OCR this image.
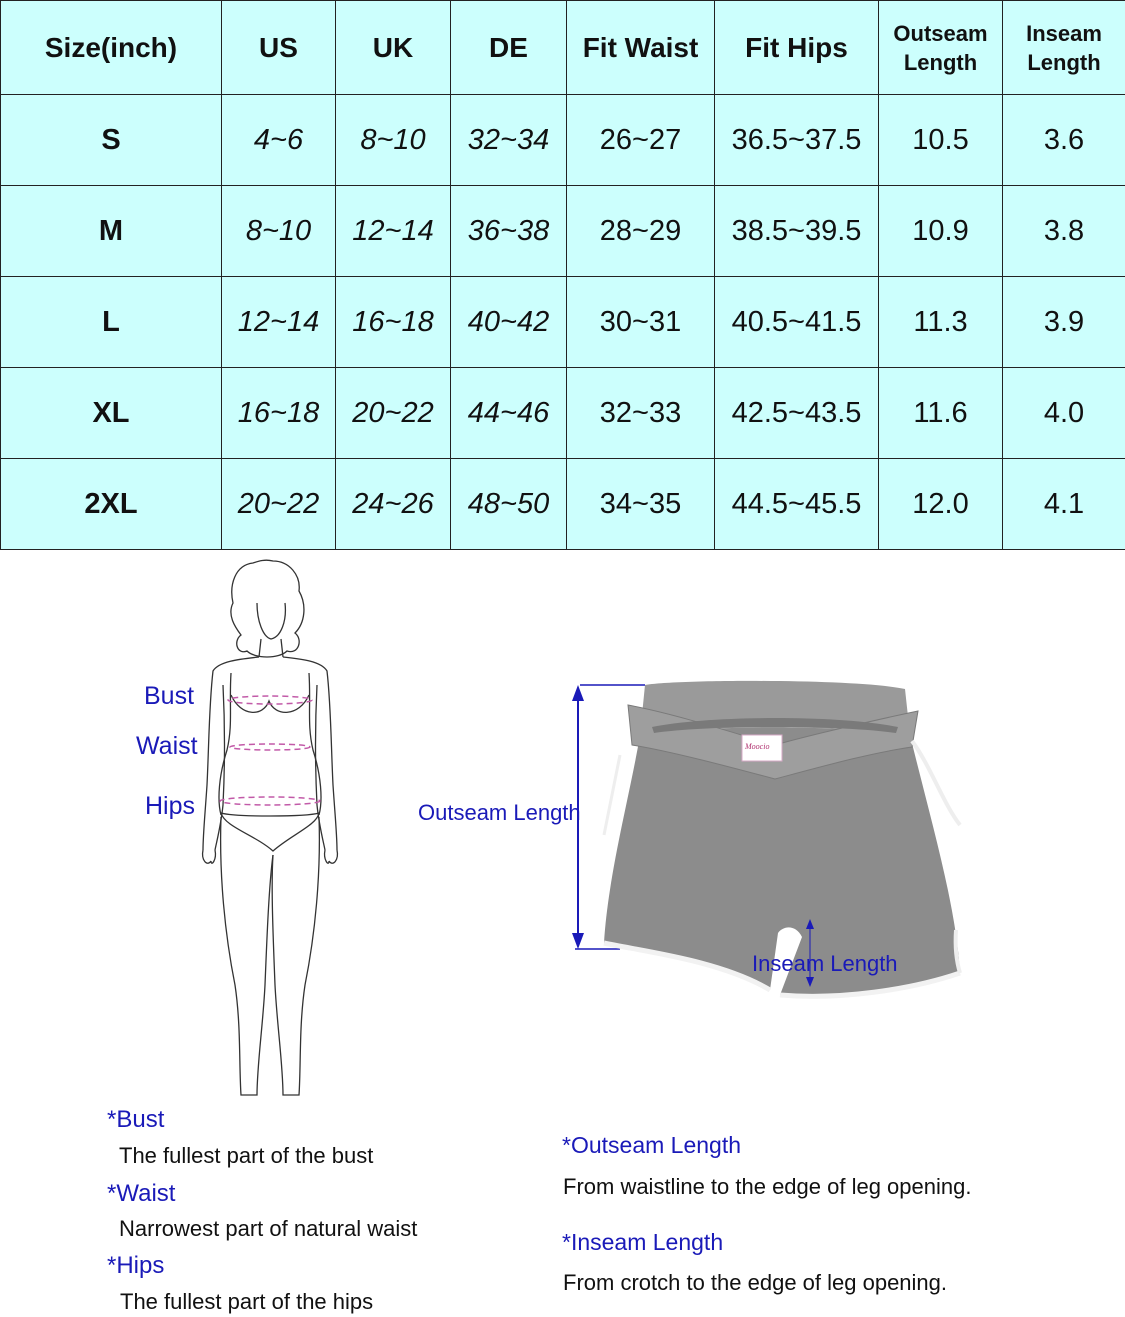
Size(inch)	US	UK	DE	Fit Waist	Fit Hips	Outseam Length	Inseam Length
S	4~6	8~10	32~34	26~27	36.5~37.5	10.5	3.6
M	8~10	12~14	36~38	28~29	38.5~39.5	10.9	3.8
L	12~14	16~18	40~42	30~31	40.5~41.5	11.3	3.9
XL	16~18	20~22	44~46	32~33	42.5~43.5	11.6	4.0
2XL	20~22	24~26	48~50	34~35	44.5~45.5	12.0	4.1
Bust
Waist
Hips
Moocio
Outseam Length
Inseam Length
*Bust
The fullest part of the bust
*Waist
Narrowest part of natural waist
*Hips
The fullest part of the hips
*Outseam Length
From waistline to the edge of leg opening.
*Inseam Length
From crotch to the edge of leg opening.
